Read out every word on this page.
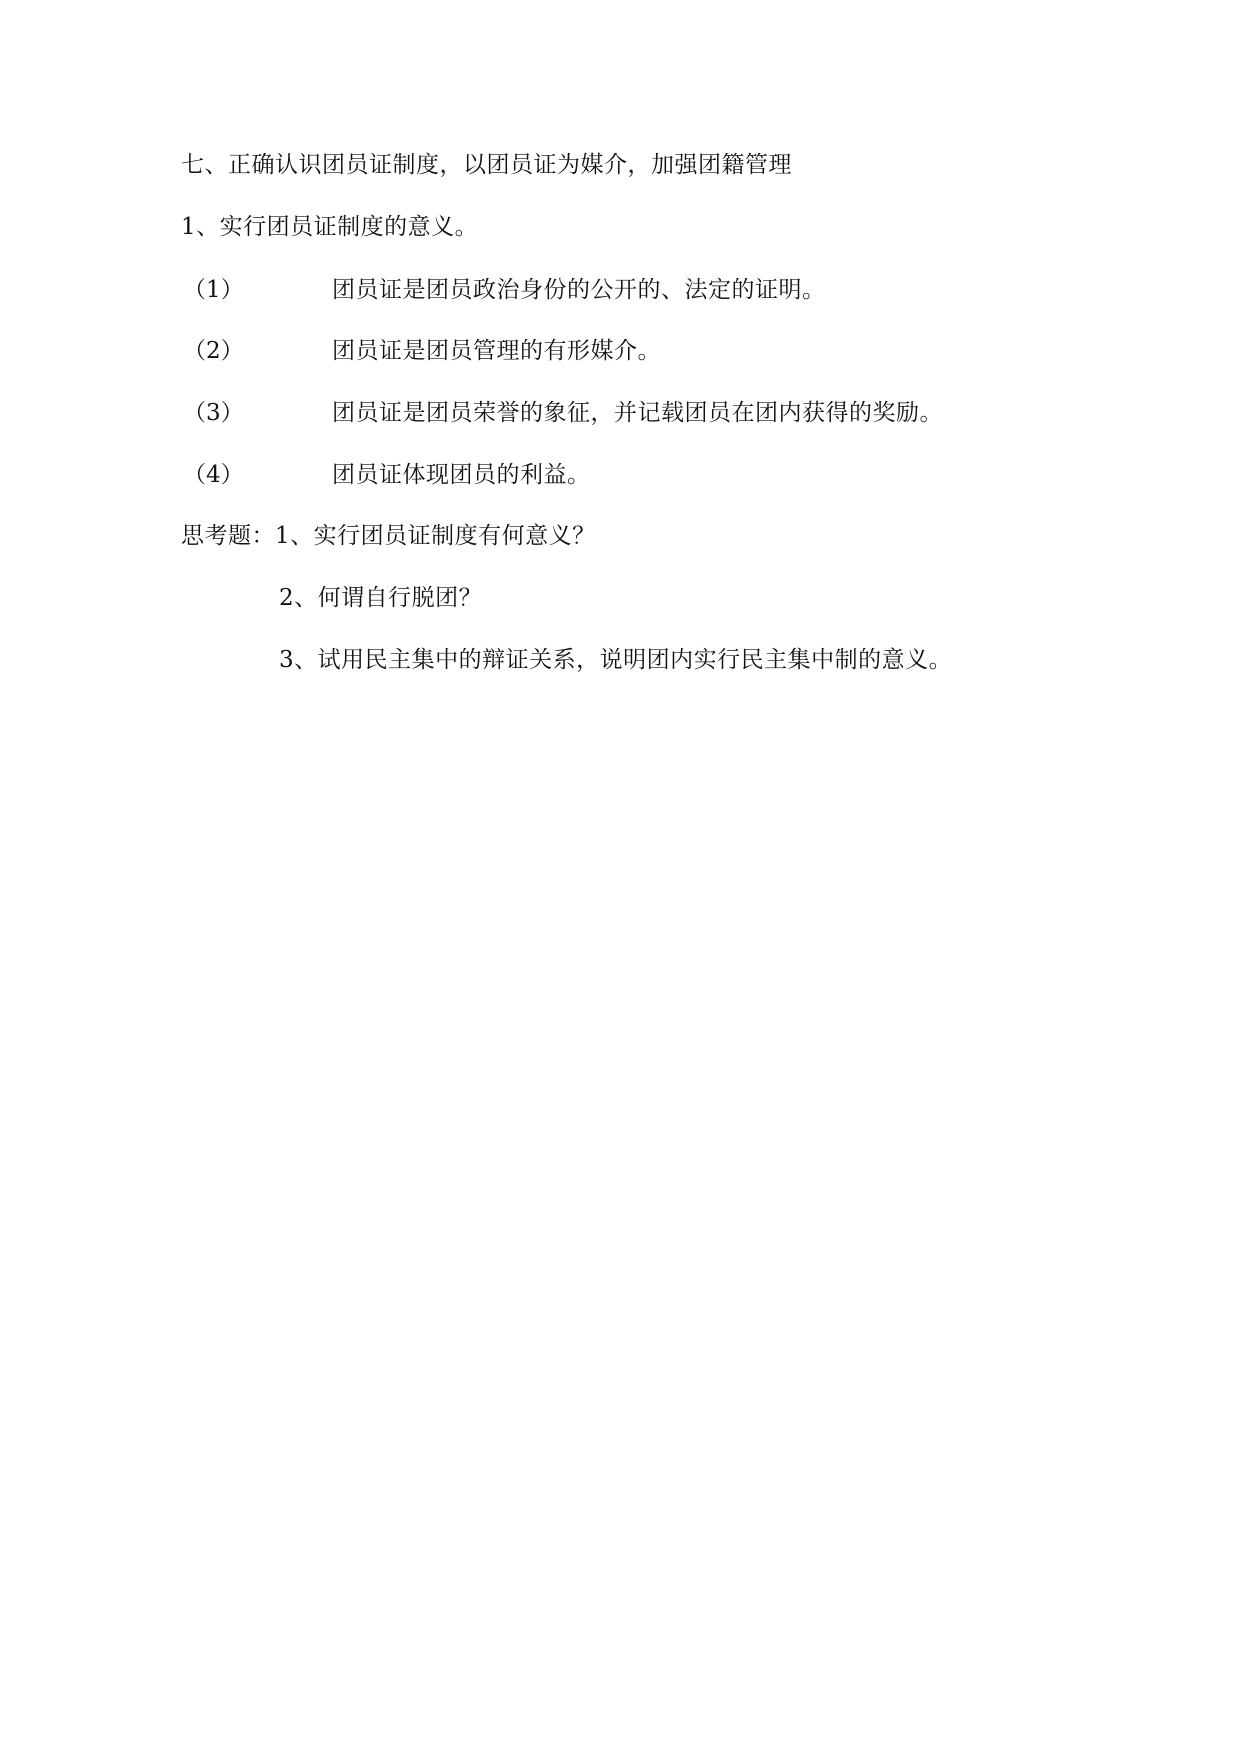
七、正确认识团员证制度，以团员证为媒介，加强团籍管理
1、实行团员证制度的意义。
（1）	团员证是团员政治身份的公开的、法定的证明。
（2）	团员证是团员管理的有形媒介。
（3）	团员证是团员荣誉的象征，并记载团员在团内获得的奖励。
（4）	团员证体现团员的利益。
思考题：1、实行团员证制度有何意义？
2、何谓自行脱团？
3、试用民主集中的辩证关系，说明团内实行民主集中制的意义。
